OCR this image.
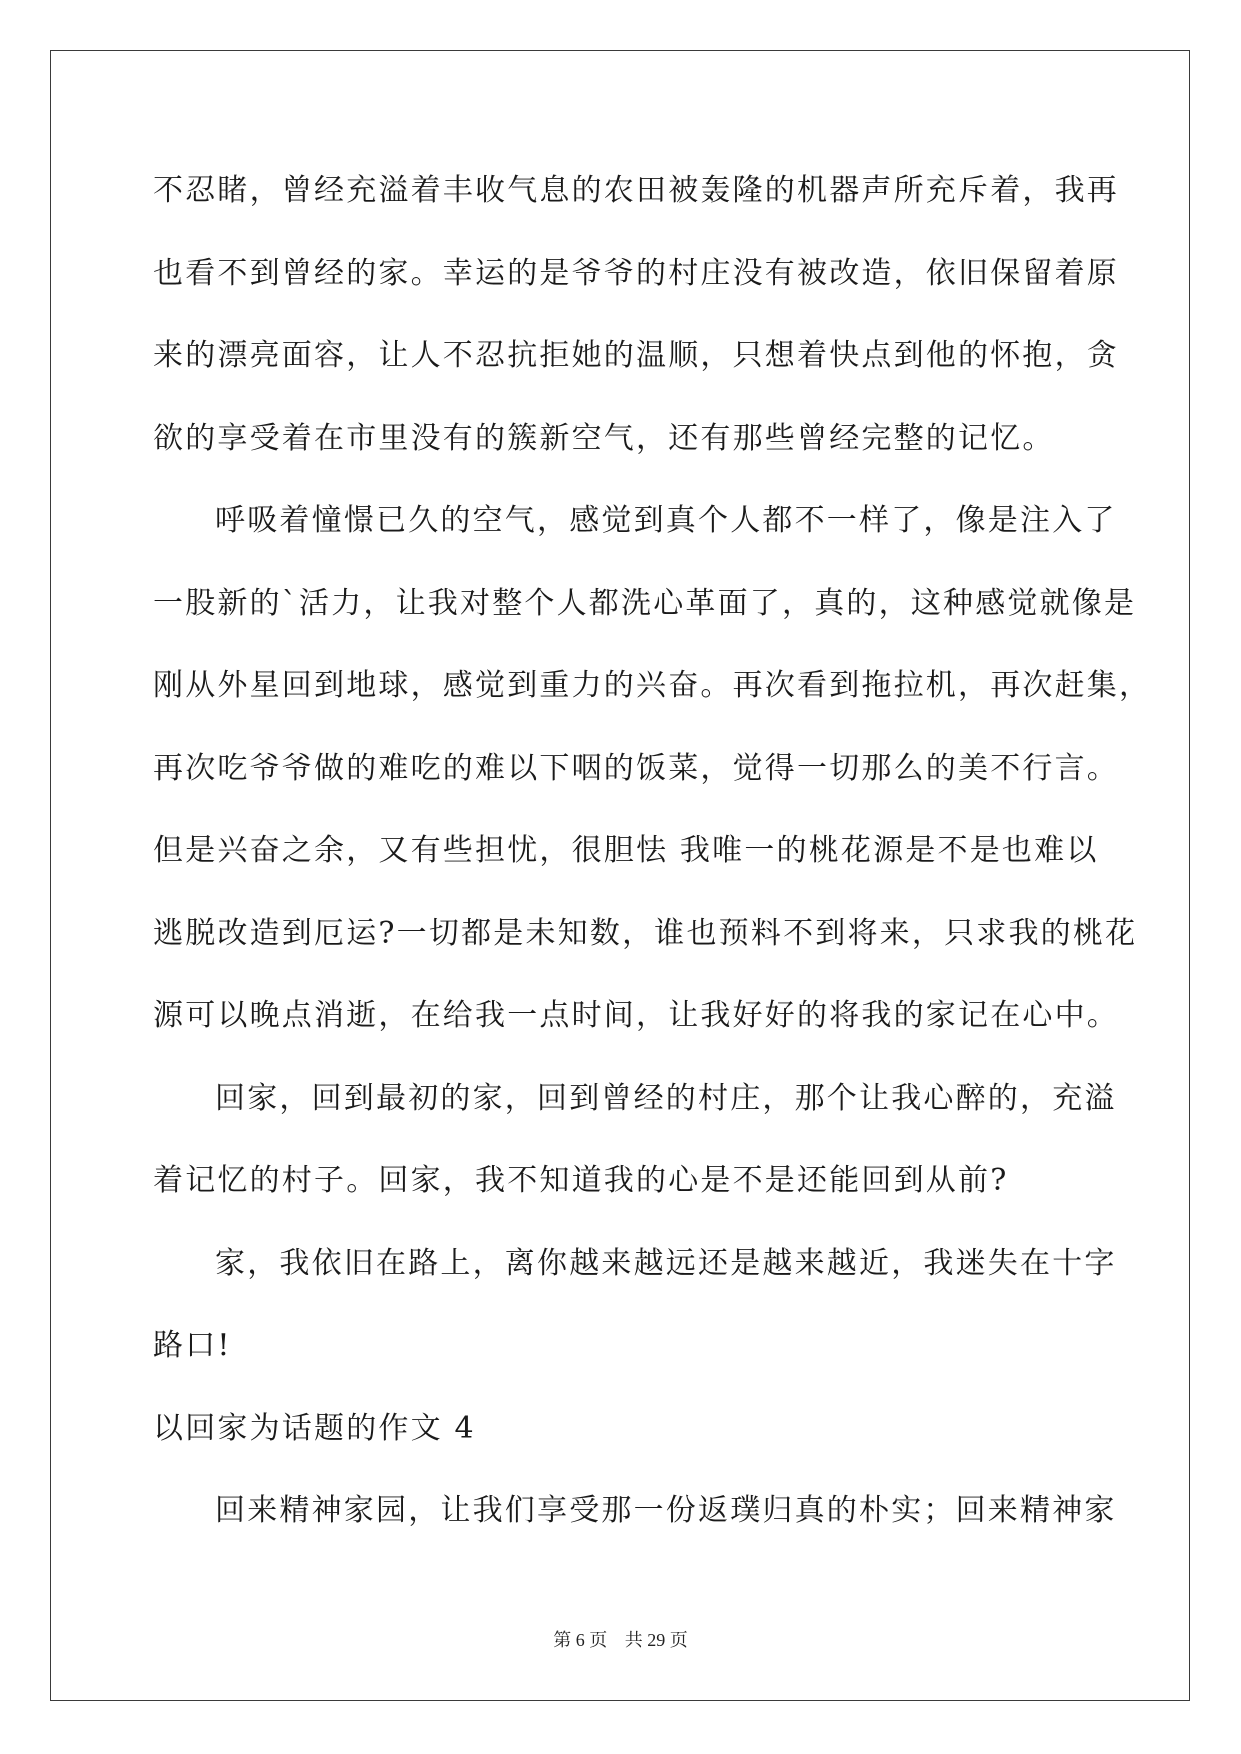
不忍睹，曾经充溢着丰收气息的农田被轰隆的机器声所充斥着，我再
也看不到曾经的家。幸运的是爷爷的村庄没有被改造，依旧保留着原
来的漂亮面容，让人不忍抗拒她的温顺，只想着快点到他的怀抱，贪
欲的享受着在市里没有的簇新空气，还有那些曾经完整的记忆。
呼吸着憧憬已久的空气，感觉到真个人都不一样了，像是注入了
一股新的`活力，让我对整个人都洗心革面了，真的，这种感觉就像是
刚从外星回到地球，感觉到重力的兴奋。再次看到拖拉机，再次赶集，
再次吃爷爷做的难吃的难以下咽的饭菜，觉得一切那么的美不行言。
但是兴奋之余，又有些担忧，很胆怯 我唯一的桃花源是不是也难以
逃脱改造到厄运?一切都是未知数，谁也预料不到将来，只求我的桃花
源可以晚点消逝，在给我一点时间，让我好好的将我的家记在心中。
回家，回到最初的家，回到曾经的村庄，那个让我心醉的，充溢
着记忆的村子。回家，我不知道我的心是不是还能回到从前?
家，我依旧在路上，离你越来越远还是越来越近，我迷失在十字
路口!
以回家为话题的作文 4
回来精神家园，让我们享受那一份返璞归真的朴实；回来精神家
第 6 页 共 29 页
